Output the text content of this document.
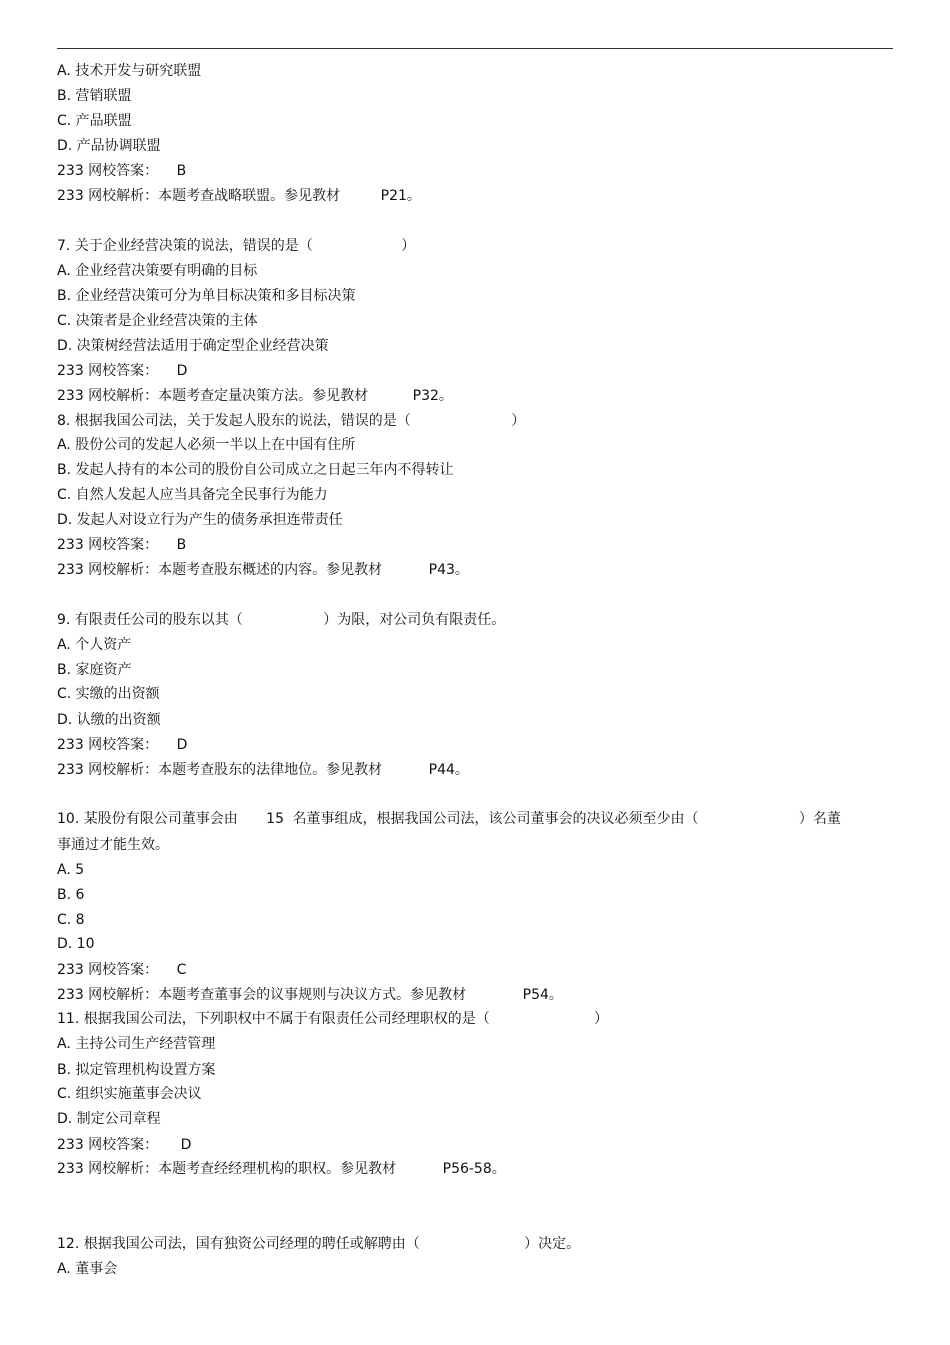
A. 技术开发与研究联盟
B. 营销联盟
C. 产品联盟
D. 产品协调联盟
233 网校答案： B
233 网校解析：本题考查战略联盟。参见教材	P21。
7. 关于企业经营决策的说法，错误的是（	）
A. 企业经营决策要有明确的目标
B. 企业经营决策可分为单目标决策和多目标决策
C. 决策者是企业经营决策的主体
D. 决策树经营法适用于确定型企业经营决策
233 网校答案： D
233 网校解析：本题考查定量决策方法。参见教材	P32。
8. 根据我国公司法，关于发起人股东的说法，错误的是（	）
A. 股份公司的发起人必须一半以上在中国有住所
B. 发起人持有的本公司的股份自公司成立之日起三年内不得转让
C. 自然人发起人应当具备完全民事行为能力
D. 发起人对设立行为产生的债务承担连带责任
233 网校答案： B
233 网校解析：本题考查股东概述的内容。参见教材	P43。
9. 有限责任公司的股东以其（	）为限，对公司负有限责任。
A. 个人资产
B. 家庭资产
C. 实缴的出资额
D. 认缴的出资额
233 网校答案： D
233 网校解析：本题考查股东的法律地位。参见教材	P44。
10. 某股份有限公司董事会由 15 名董事组成，根据我国公司法，该公司董事会的决议必须至少由（	）名董
事通过才能生效。
A. 5
B. 6
C. 8
D. 10
233 网校答案： C
233 网校解析：本题考查董事会的议事规则与决议方式。参见教材	P54。
11. 根据我国公司法，下列职权中不属于有限责任公司经理职权的是（	）
A. 主持公司生产经营管理
B. 拟定管理机构设置方案
C. 组织实施董事会决议
D. 制定公司章程
233 网校答案： D
233 网校解析：本题考查经经理机构的职权。参见教材	P56-58。
12. 根据我国公司法，国有独资公司经理的聘任或解聘由（	）决定。
A. 董事会
